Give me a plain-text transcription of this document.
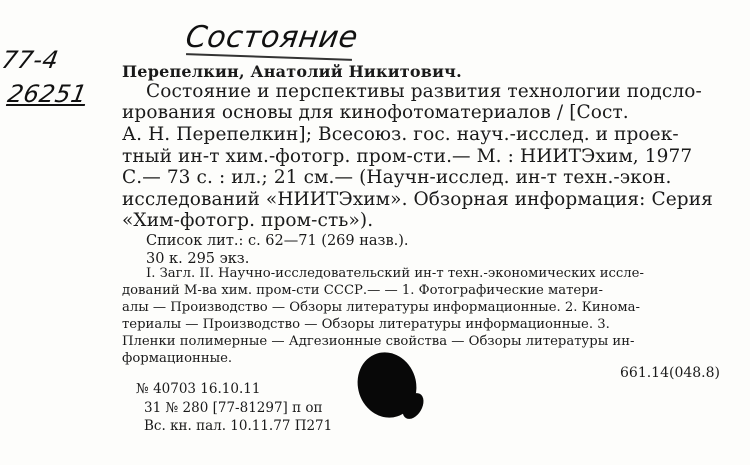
Состояние
77-4
26251
Перепелкин, Анатолий Никитович.
Состояние и перспективы развития технологии подсло-
ирования основы для кинофотоматериалов / [Сост.
А. Н. Перепелкин]; Всесоюз. гос. науч.-исслед. и проек-
тный ин-т хим.-фотогр. пром-сти.— М. : НИИТЭхим, 1977
С.— 73 с. : ил.; 21 см.— (Научн-исслед. ин-т техн.-экон.
исследований «НИИТЭхим». Обзорная информация: Серия
«Хим-фотогр. пром-сть»).
Список лит.: с. 62—71 (269 назв.).
30 к. 295 экз.
I. Загл. II. Научно-исследовательский ин-т техн.-экономических иссле-
дований М-ва хим. пром-сти СССР.— — 1. Фотографические матери-
алы — Производство — Обзоры литературы информационные. 2. Кинома-
териалы — Производство — Обзоры литературы информационные. 3.
Пленки полимерные — Адгезионные свойства — Обзоры литературы ин-
формационные.
661.14(048.8)
№ 40703 16.10.11
31 № 280 [77-81297] п оп
Вс. кн. пал. 10.11.77 П271
